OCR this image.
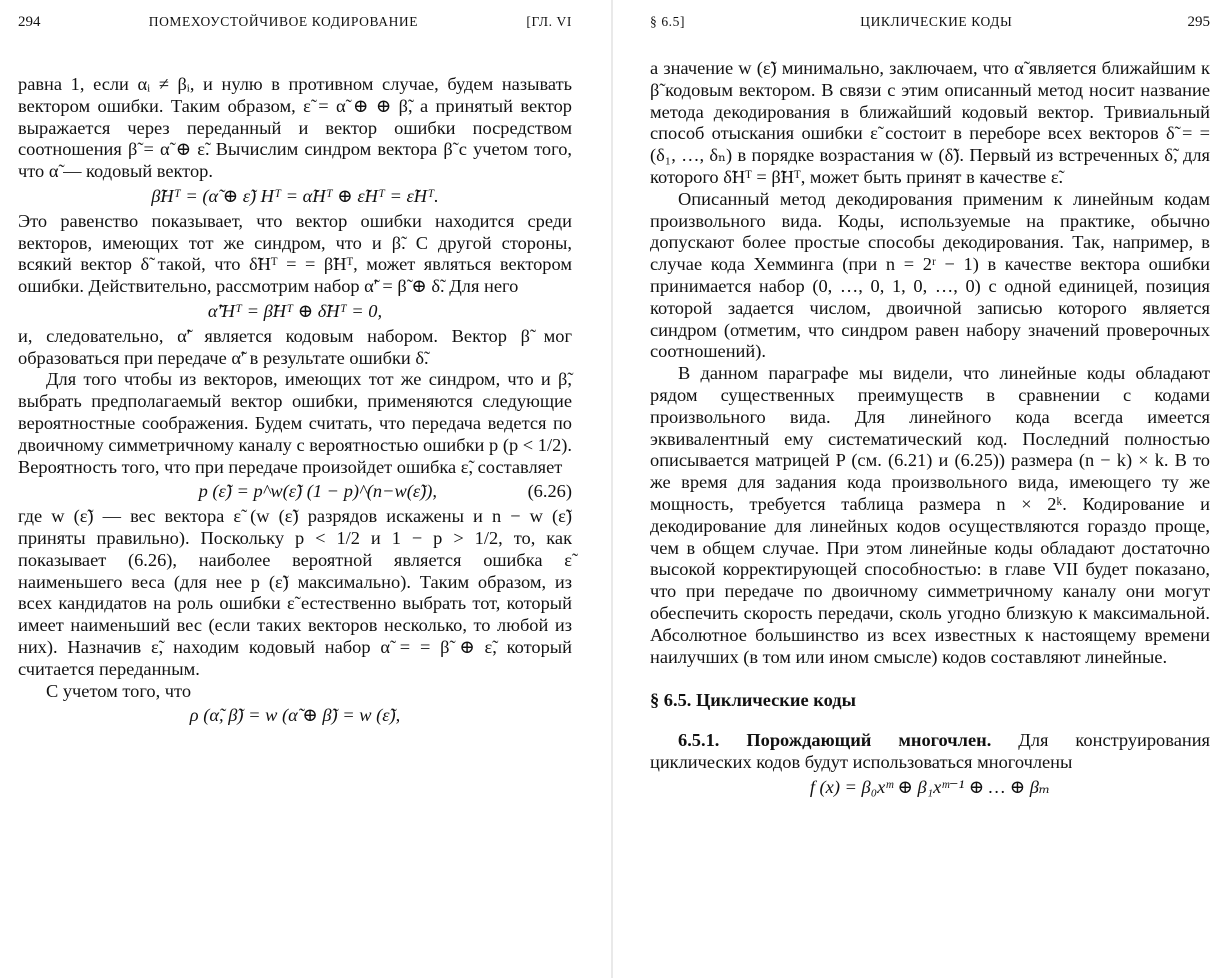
294	ПОМЕХОУСТОЙЧИВОЕ КОДИРОВАНИЕ	[ГЛ. VI

равна 1, если αᵢ ≠ βᵢ, и нулю в противном случае, будем называть вектором ошибки. Таким образом, ε̃ = α̃ ⊕ ⊕ β̃, а принятый вектор выражается через переданный и вектор ошибки посредством соотношения β̃ = α̃ ⊕ ε̃. Вычислим синдром вектора β̃ с учетом того, что α̃ — кодовый вектор.

β̃Hᵀ = (α̃ ⊕ ε̃) Hᵀ = α̃Hᵀ ⊕ ε̃Hᵀ = ε̃Hᵀ.

Это равенство показывает, что вектор ошибки находится среди векторов, имеющих тот же синдром, что и β̃. С другой стороны, всякий вектор δ̃ такой, что δ̃Hᵀ = = β̃Hᵀ, может являться вектором ошибки. Действительно, рассмотрим набор α̃′ = β̃ ⊕ δ̃. Для него

α̃′Hᵀ = β̃Hᵀ ⊕ δ̃Hᵀ = 0,

и, следовательно, α̃′ является кодовым набором. Вектор β̃ мог образоваться при передаче α̃′ в результате ошибки δ̃.

Для того чтобы из векторов, имеющих тот же синдром, что и β̃, выбрать предполагаемый вектор ошибки, применяются следующие вероятностные соображения. Будем считать, что передача ведется по двоичному симметричному каналу с вероятностью ошибки p (p < 1/2). Вероятность того, что при передаче произойдет ошибка ε̃, составляет

p (ε̃) = p^w(ε̃) (1 − p)^(n−w(ε̃)),	(6.26)

где w (ε̃) — вес вектора ε̃ (w (ε̃) разрядов искажены и n − w (ε̃) приняты правильно). Поскольку p < 1/2 и 1 − p > 1/2, то, как показывает (6.26), наиболее вероятной является ошибка ε̃ наименьшего веса (для нее p (ε̃) максимально). Таким образом, из всех кандидатов на роль ошибки ε̃ естественно выбрать тот, который имеет наименьший вес (если таких векторов несколько, то любой из них). Назначив ε̃, находим кодовый набор α̃ = = β̃ ⊕ ε̃, который считается переданным.

С учетом того, что

ρ (α̃, β̃) = w (α̃ ⊕ β̃) = w (ε̃),

§ 6.5]	ЦИКЛИЧЕСКИЕ КОДЫ	295

а значение w (ε̃) минимально, заключаем, что α̃ является ближайшим к β̃ кодовым вектором. В связи с этим описанный метод носит название метода декодирования в ближайший кодовый вектор. Тривиальный способ отыскания ошибки ε̃ состоит в переборе всех векторов δ̃ = = (δ₁, …, δₙ) в порядке возрастания w (δ̃). Первый из встреченных δ̃, для которого δ̃Hᵀ = β̃Hᵀ, может быть принят в качестве ε̃.

Описанный метод декодирования применим к линейным кодам произвольного вида. Коды, используемые на практике, обычно допускают более простые способы декодирования. Так, например, в случае кода Хемминга (при n = 2ʳ − 1) в качестве вектора ошибки принимается набор (0, …, 0, 1, 0, …, 0) с одной единицей, позиция которой задается числом, двоичной записью которого является синдром (отметим, что синдром равен набору значений проверочных соотношений).

В данном параграфе мы видели, что линейные коды обладают рядом существенных преимуществ в сравнении с кодами произвольного вида. Для линейного кода всегда имеется эквивалентный ему систематический код. Последний полностью описывается матрицей P (см. (6.21) и (6.25)) размера (n − k) × k. В то же время для задания кода произвольного вида, имеющего ту же мощность, требуется таблица размера n × 2ᵏ. Кодирование и декодирование для линейных кодов осуществляются гораздо проще, чем в общем случае. При этом линейные коды обладают достаточно высокой корректирующей способностью: в главе VII будет показано, что при передаче по двоичному симметричному каналу они могут обеспечить скорость передачи, сколь угодно близкую к максимальной. Абсолютное большинство из всех известных к настоящему времени наилучших (в том или ином смысле) кодов составляют линейные.

§ 6.5. Циклические коды

6.5.1. Порождающий многочлен. Для конструирования циклических кодов будут использоваться многочлены

f (x) = β₀xᵐ ⊕ β₁xᵐ⁻¹ ⊕ … ⊕ βₘ
